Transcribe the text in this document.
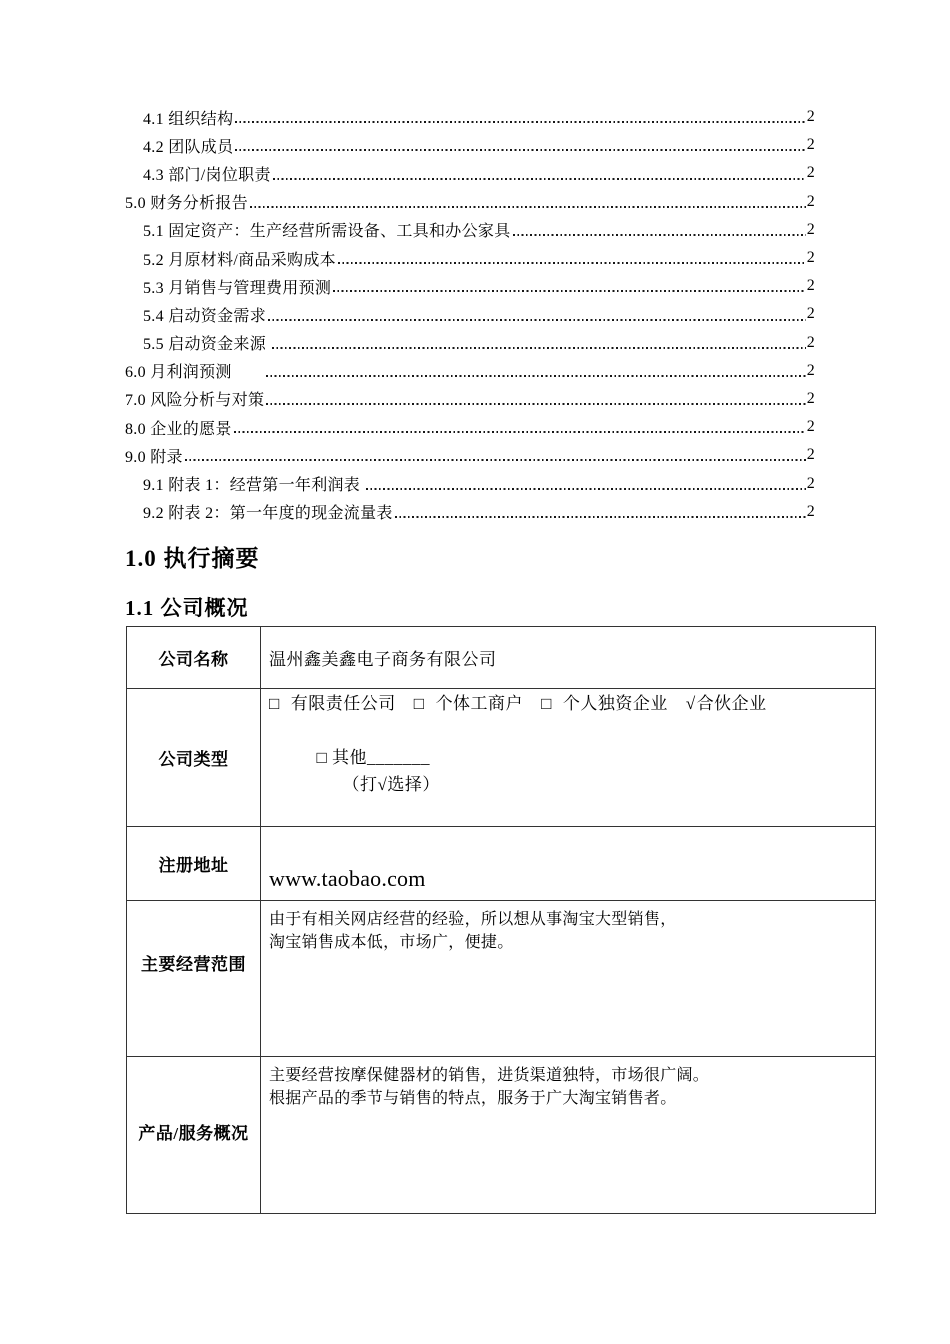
4.1 组织结构	2
4.2 团队成员	2
4.3 部门/岗位职责	2
5.0 财务分析报告	2
5.1 固定资产：生产经营所需设备、工具和办公家具	2
5.2 月原材料/商品采购成本	2
5.3 月销售与管理费用预测	2
5.4 启动资金需求	2
5.5 启动资金来源	2
6.0 月利润预测　　	2
7.0 风险分析与对策	2
8.0 企业的愿景	2
9.0 附录	2
9.1 附表 1：经营第一年利润表	2
9.2 附表 2：第一年度的现金流量表	2
1.0 执行摘要
1.1 公司概况
公司名称	温州鑫美鑫电子商务有限公司
公司类型	
□ 有限责任公司 □ 个体工商户 □ 个人独资企业 √ 合伙企业

□ 其他_______
（打√选择）

注册地址	www.taobao.com
主要经营范围	由于有相关网店经营的经验，所以想从事淘宝大型销售，
淘宝销售成本低，市场广，便捷。

产品/服务概况	主要经营按摩保健器材的销售，进货渠道独特，市场很广阔。
根据产品的季节与销售的特点，服务于广大淘宝销售者。
